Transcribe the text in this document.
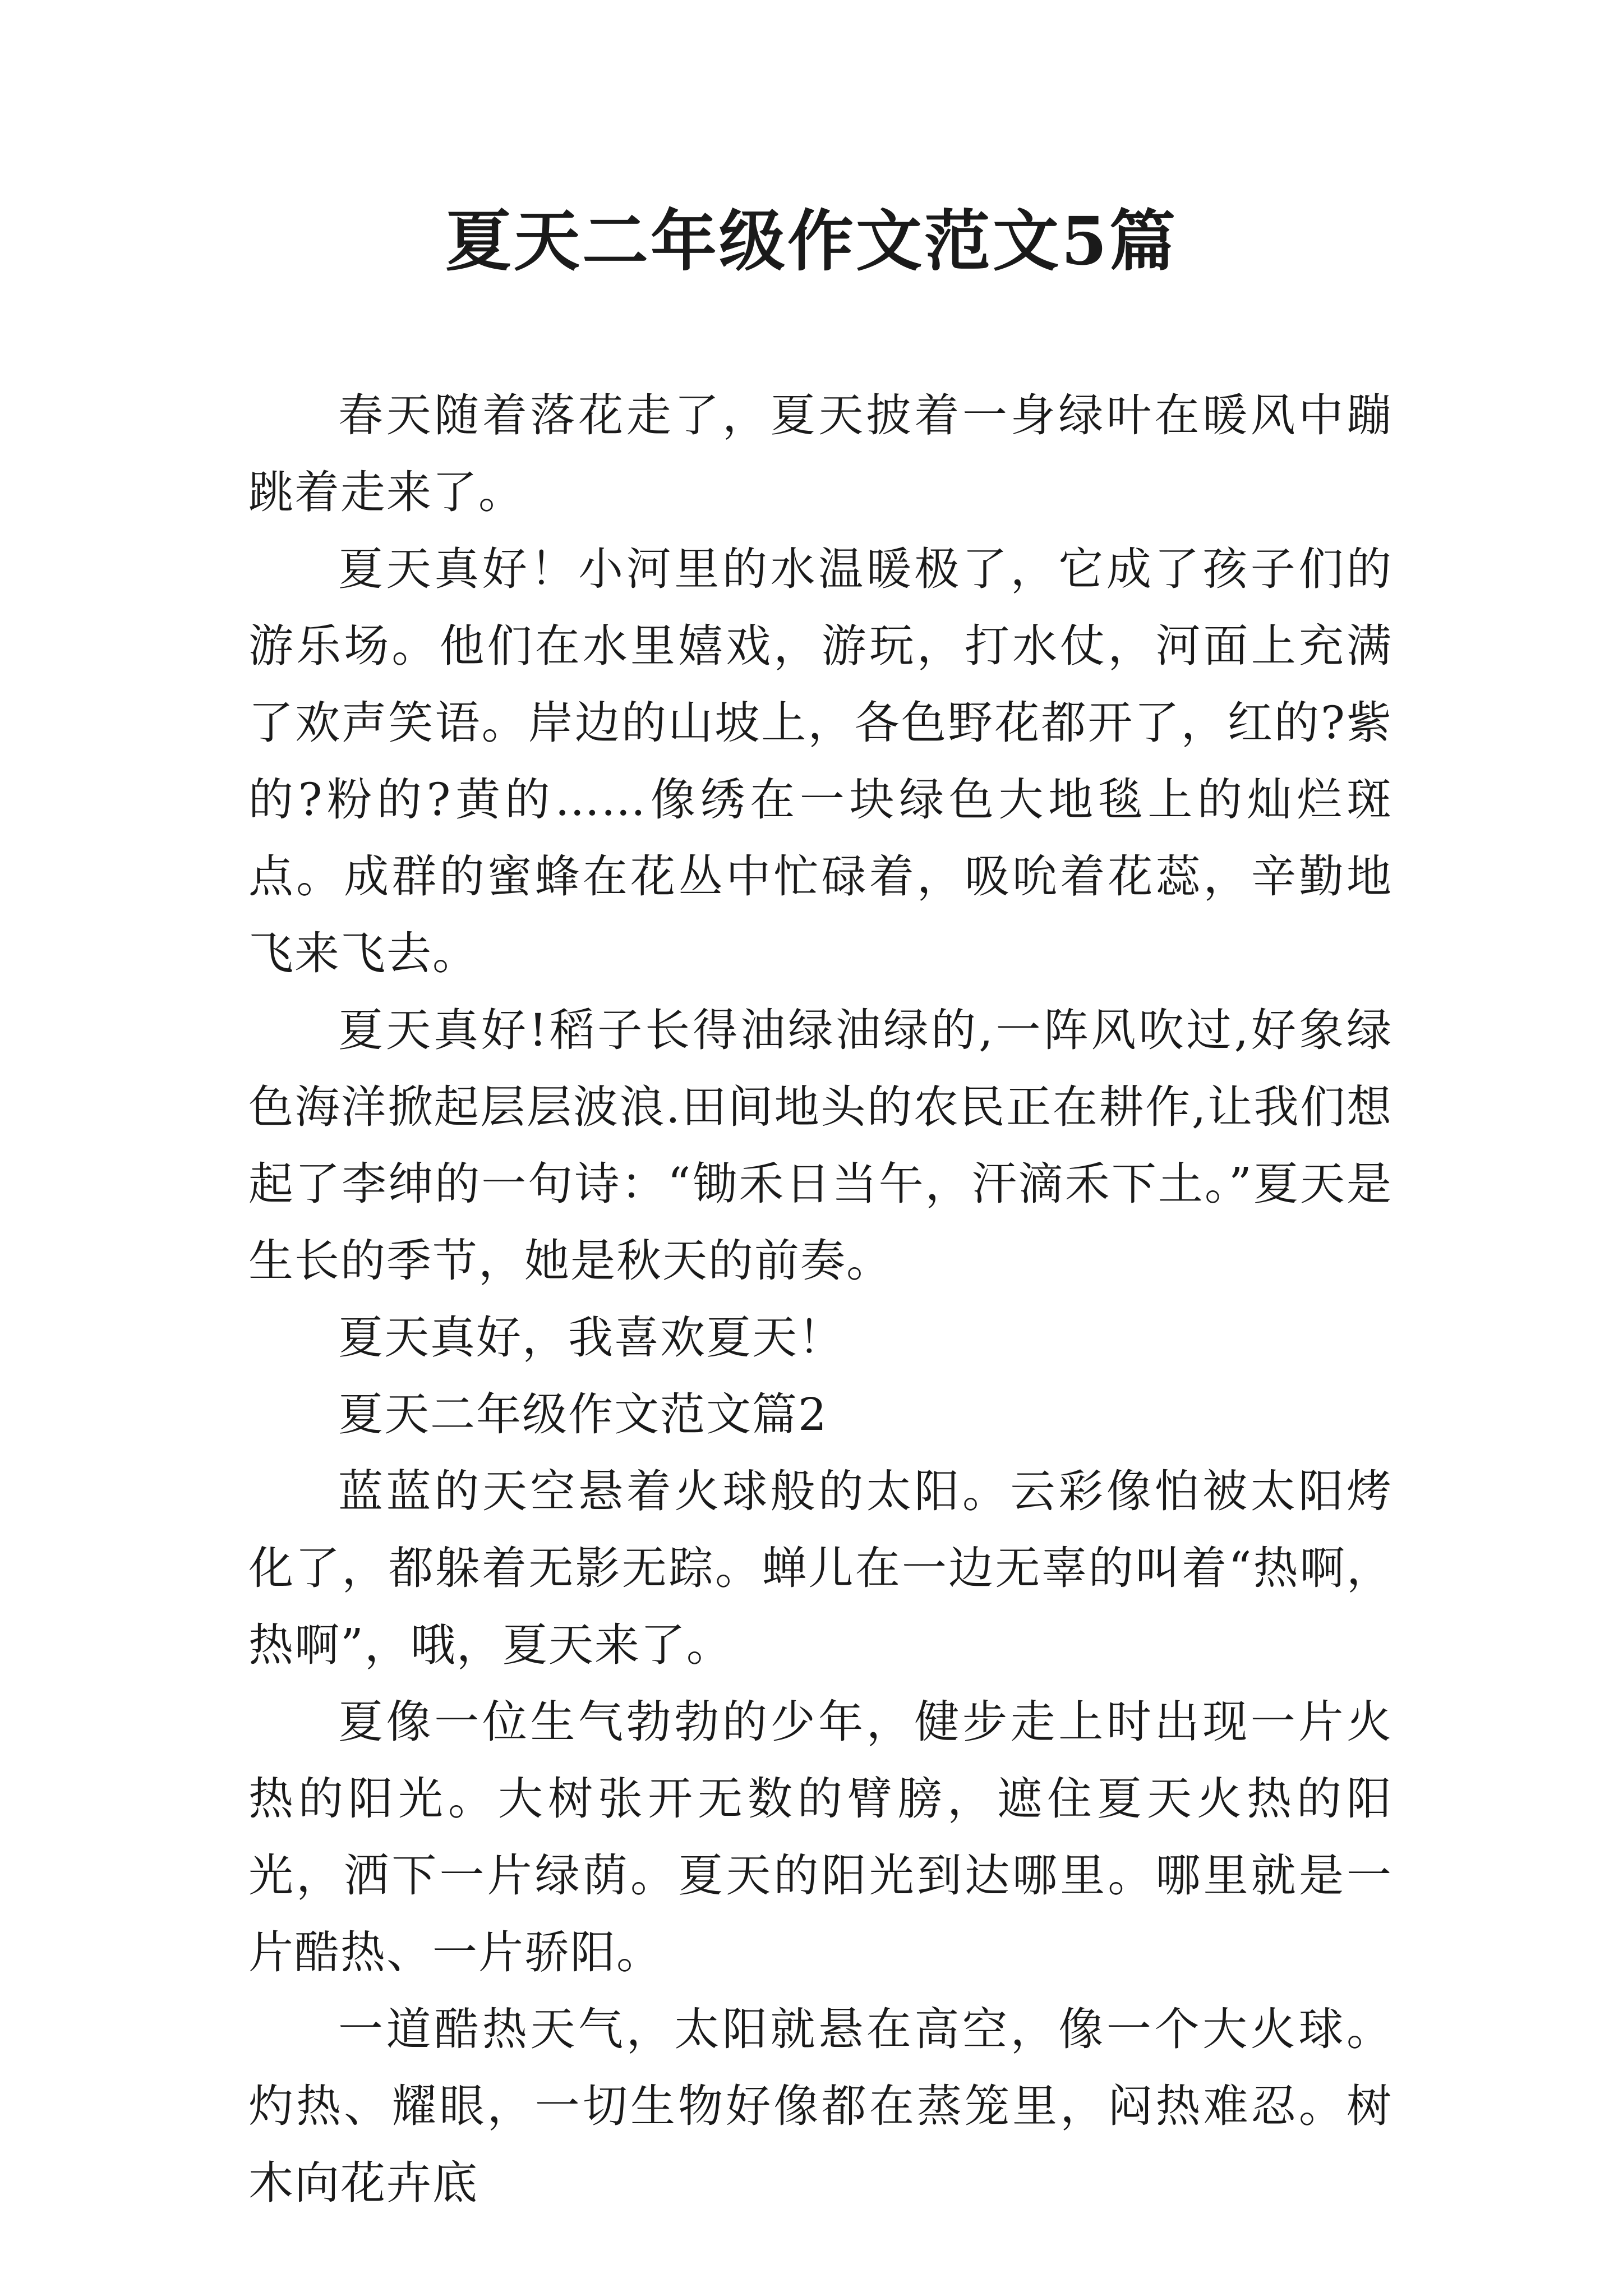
夏天二年级作文范文5篇

春天随着落花走了，夏天披着一身绿叶在暖风中蹦跳着走来了。

夏天真好！小河里的水温暖极了，它成了孩子们的游乐场。他们在水里嬉戏，游玩，打水仗，河面上充满了欢声笑语。岸边的山坡上，各色野花都开了，红的?紫的?粉的?黄的……像绣在一块绿色大地毯上的灿烂斑点。成群的蜜蜂在花丛中忙碌着，吸吮着花蕊，辛勤地飞来飞去。

夏天真好!稻子长得油绿油绿的,一阵风吹过,好象绿色海洋掀起层层波浪.田间地头的农民正在耕作,让我们想起了李绅的一句诗：“锄禾日当午，汗滴禾下土。”夏天是生长的季节，她是秋天的前奏。

夏天真好，我喜欢夏天！

夏天二年级作文范文篇2

蓝蓝的天空悬着火球般的太阳。云彩像怕被太阳烤化了，都躲着无影无踪。蝉儿在一边无辜的叫着“热啊，热啊”，哦，夏天来了。

夏像一位生气勃勃的少年，健步走上时出现一片火热的阳光。大树张开无数的臂膀，遮住夏天火热的阳光，洒下一片绿荫。夏天的阳光到达哪里。哪里就是一片酷热、一片骄阳。

一道酷热天气，太阳就悬在高空，像一个大火球。灼热、耀眼，一切生物好像都在蒸笼里，闷热难忍。树木向花卉底
